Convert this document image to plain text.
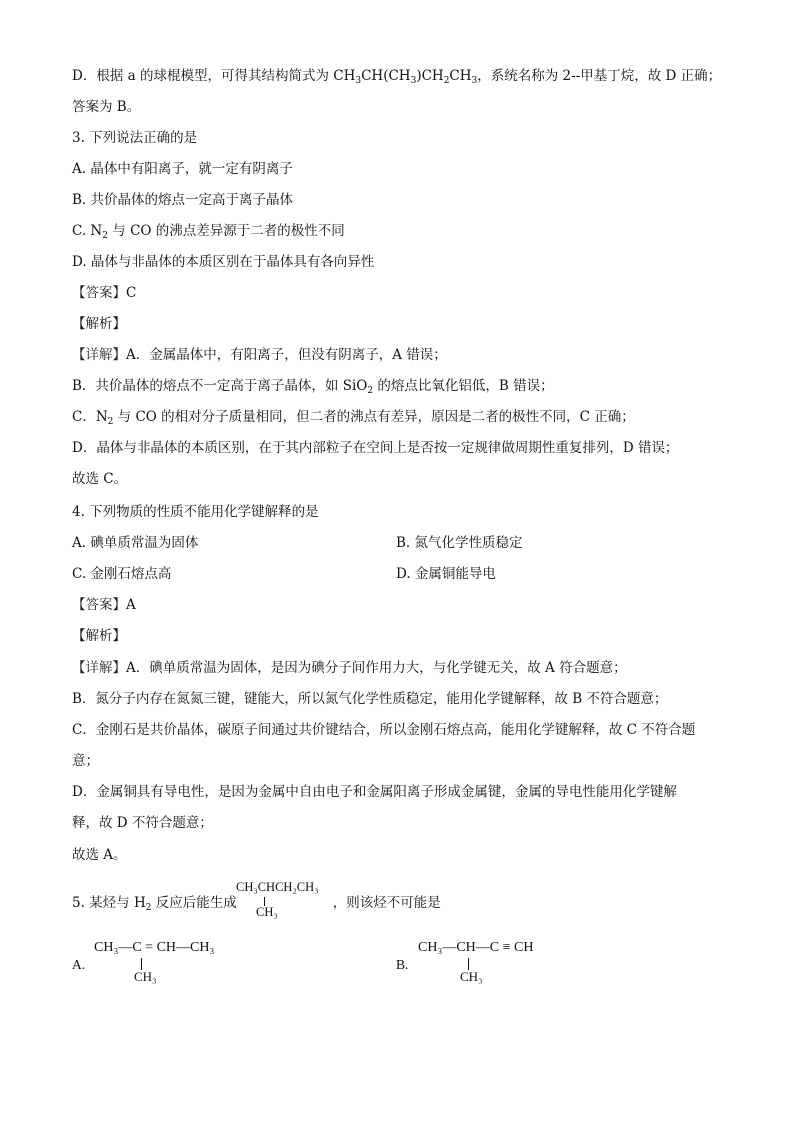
D．根据 a 的球棍模型，可得其结构简式为 $CH_3CH(CH_3)CH_2CH_3$，系统名称为 2--甲基丁烷，故 D 正确；
答案为 B。
3. 下列说法正确的是
A. 晶体中有阳离子，就一定有阴离子
B. 共价晶体的熔点一定高于离子晶体
C. $N_2$ 与 CO 的沸点差异源于二者的极性不同
D. 晶体与非晶体的本质区别在于晶体具有各向异性
【答案】C
【解析】
【详解】A．金属晶体中，有阳离子，但没有阴离子，A 错误；
B．共价晶体的熔点不一定高于离子晶体，如 SiO$_2$ 的熔点比氧化铝低，B 错误；
C．$N_2$ 与 CO 的相对分子质量相同，但二者的沸点有差异，原因是二者的极性不同，C 正确；
D．晶体与非晶体的本质区别，在于其内部粒子在空间上是否按一定规律做周期性重复排列，D 错误；
故选 C。
4. 下列物质的性质不能用化学键解释的是
A. 碘单质常温为固体	B. 氮气化学性质稳定
C. 金刚石熔点高	D. 金属铜能导电
【答案】A
【解析】
【详解】A．碘单质常温为固体，是因为碘分子间作用力大，与化学键无关，故 A 符合题意；
B．氮分子内存在氮氮三键，键能大，所以氮气化学性质稳定，能用化学键解释，故 B 不符合题意；
C．金刚石是共价晶体，碳原子间通过共价键结合，所以金刚石熔点高，能用化学键解释，故 C 不符合题
意；
D．金属铜具有导电性，是因为金属中自由电子和金属阳离子形成金属键，金属的导电性能用化学键解
释，故 D 不符合题意；
故选 A。
5. 某烃与 $H_2$ 反应后能生成	，则该烃不可能是
CH₃CHCH₂CH₃
CH₃
A.
CH₃—C = CH—CH₃
CH₃
B.
CH₃—CH—C ≡ CH
CH₃
